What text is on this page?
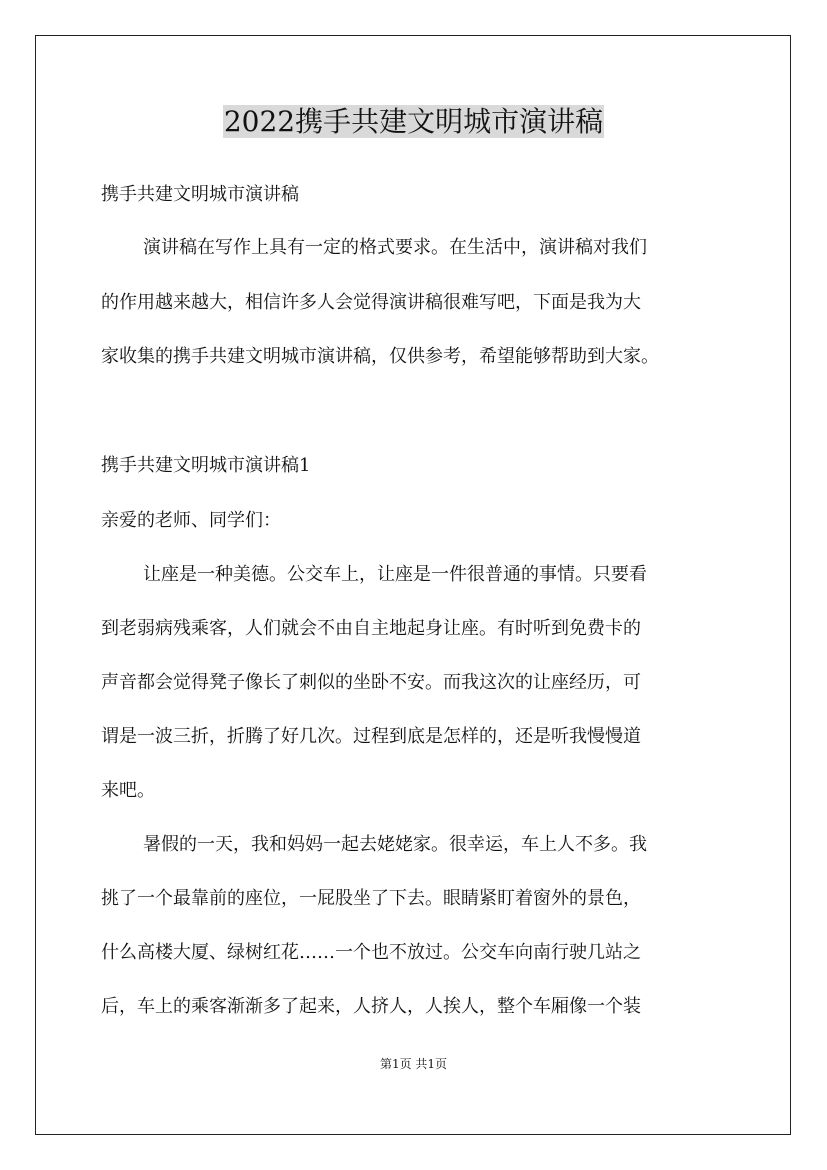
2022携手共建文明城市演讲稿
携手共建文明城市演讲稿
演讲稿在写作上具有一定的格式要求。在生活中，演讲稿对我们
的作用越来越大，相信许多人会觉得演讲稿很难写吧，下面是我为大
家收集的携手共建文明城市演讲稿，仅供参考，希望能够帮助到大家。
携手共建文明城市演讲稿1
亲爱的老师、同学们：
让座是一种美德。公交车上，让座是一件很普通的事情。只要看
到老弱病残乘客，人们就会不由自主地起身让座。有时听到免费卡的
声音都会觉得凳子像长了刺似的坐卧不安。而我这次的让座经历，可
谓是一波三折，折腾了好几次。过程到底是怎样的，还是听我慢慢道
来吧。
暑假的一天，我和妈妈一起去姥姥家。很幸运，车上人不多。我
挑了一个最靠前的座位，一屁股坐了下去。眼睛紧盯着窗外的景色，
什么高楼大厦、绿树红花……一个也不放过。公交车向南行驶几站之
后，车上的乘客渐渐多了起来，人挤人，人挨人，整个车厢像一个装
第1页 共1页
